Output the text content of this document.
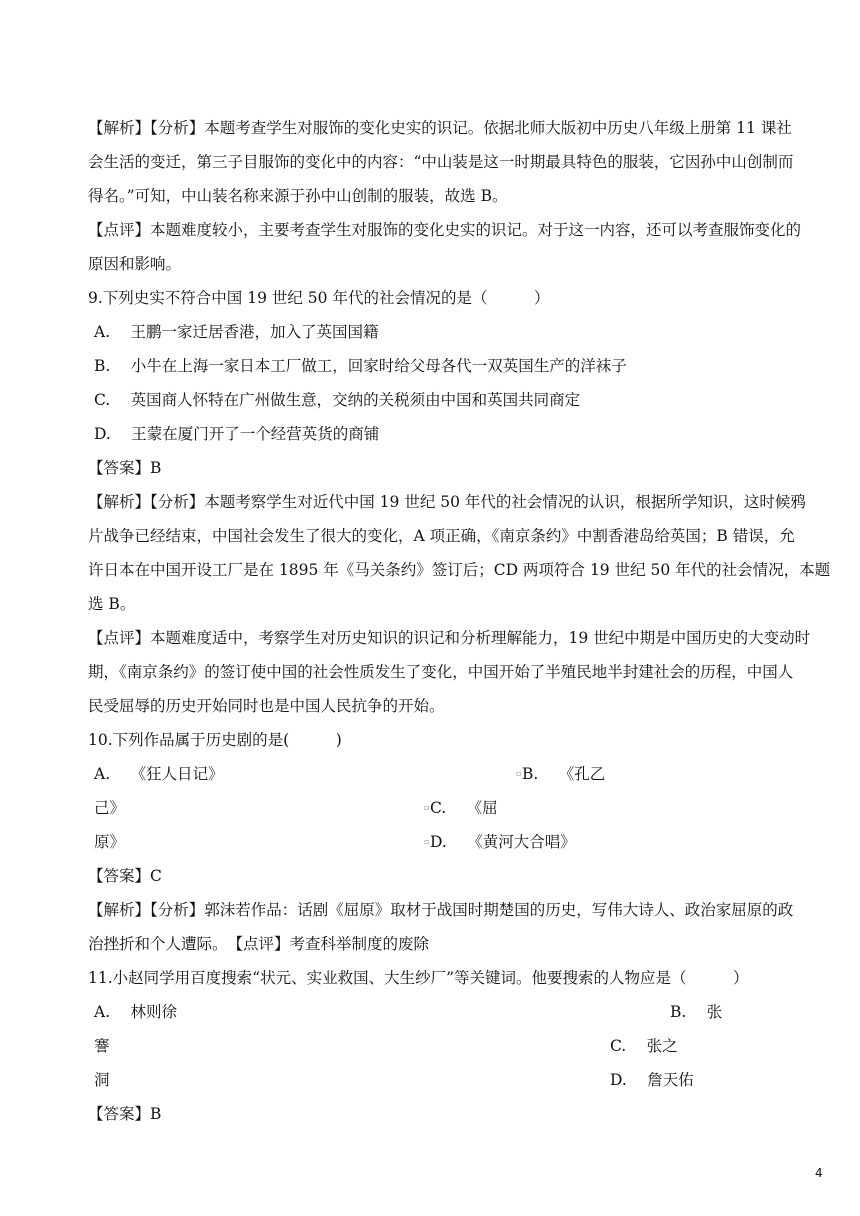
【解析】【分析】本题考查学生对服饰的变化史实的识记。依据北师大版初中历史八年级上册第 11 课社
会生活的变迁，第三子目服饰的变化中的内容：“中山装是这一时期最具特色的服装，它因孙中山创制而
得名。”可知，中山装名称来源于孙中山创制的服装，故选 B。
【点评】本题难度较小，主要考查学生对服饰的变化史实的识记。对于这一内容，还可以考查服饰变化的
原因和影响。
9.下列史实不符合中国 19 世纪 50 年代的社会情况的是（　　　）
A.　 王鹏一家迁居香港，加入了英国国籍
B.　 小牛在上海一家日本工厂做工，回家时给父母各代一双英国生产的洋袜子
C.　 英国商人怀特在广州做生意，交纳的关税须由中国和英国共同商定
D.　 王蒙在厦门开了一个经营英货的商铺
【答案】B
【解析】【分析】本题考察学生对近代中国 19 世纪 50 年代的社会情况的认识，根据所学知识，这时候鸦
片战争已经结束，中国社会发生了很大的变化，A 项正确，《南京条约》中割香港岛给英国；B 错误，允
许日本在中国开设工厂是在 1895 年《马关条约》签订后；CD 两项符合 19 世纪 50 年代的社会情况，本题
选 B。
【点评】本题难度适中，考察学生对历史知识的识记和分析理解能力，19 世纪中期是中国历史的大变动时
期，《南京条约》的签订使中国的社会性质发生了变化，中国开始了半殖民地半封建社会的历程，中国人
民受屈辱的历史开始同时也是中国人民抗争的开始。
10.下列作品属于历史剧的是(　　　)
A.　 《狂人日记》	▫ B.　 《孔乙
己》	▫ C.　 《屈
原》	▫ D.　 《黄河大合唱》
【答案】C
【解析】【分析】郭沫若作品：话剧《屈原》取材于战国时期楚国的历史，写伟大诗人、政治家屈原的政
治挫折和个人遭际。　【点评】考查科举制度的废除
11.小赵同学用百度搜索“状元、实业救国、大生纱厂”等关键词。他要搜索的人物应是（　　　）
A.　 林则徐	B.　 张
謇	C.　 张之
洞	D.　 詹天佑
【答案】B
4
